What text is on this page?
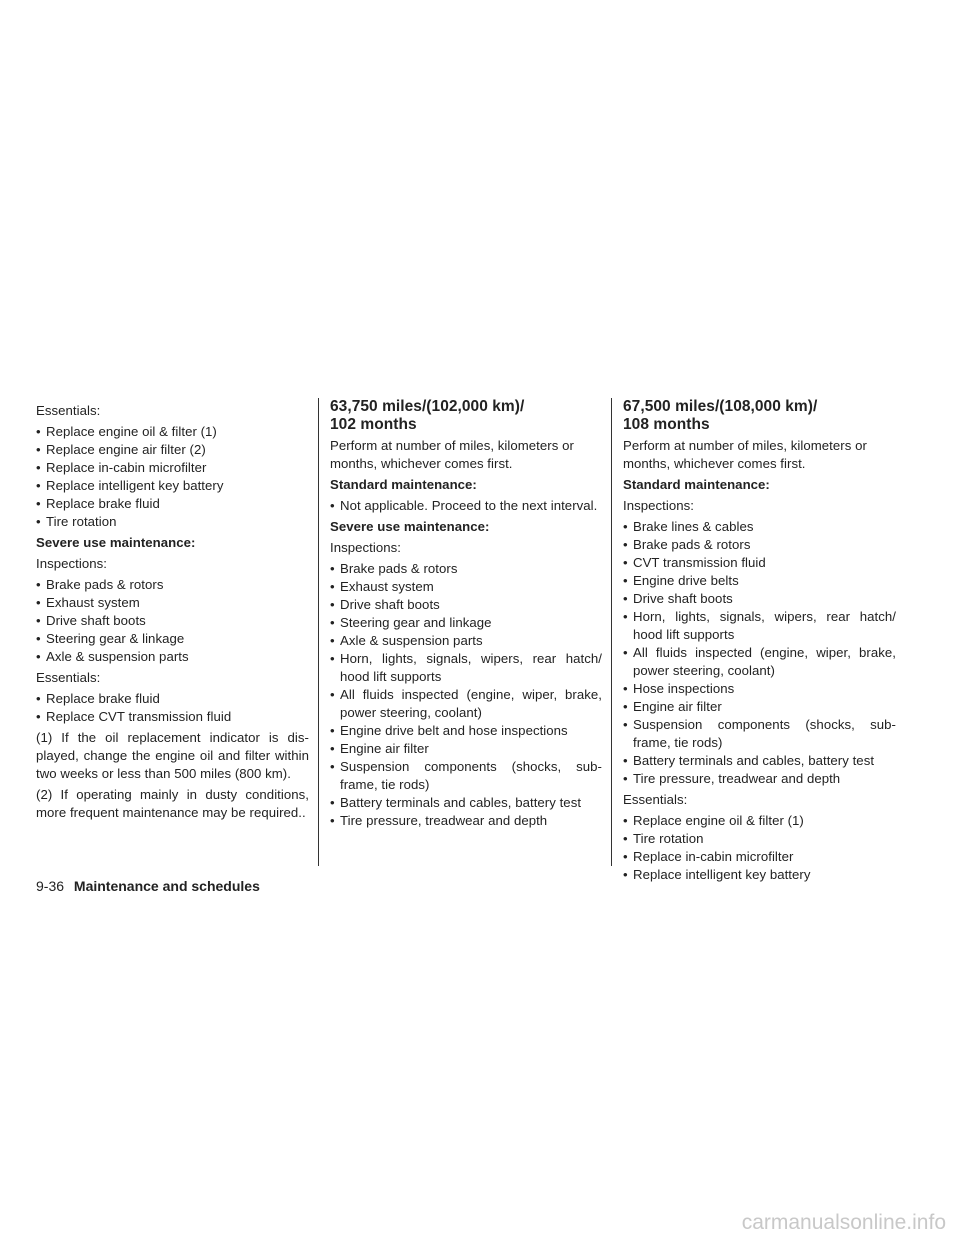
Essentials:

• Replace engine oil & filter (1)
• Replace engine air filter (2)
• Replace in-cabin microfilter
• Replace intelligent key battery
• Replace brake fluid
• Tire rotation

Severe use maintenance:

Inspections:

• Brake pads & rotors
• Exhaust system
• Drive shaft boots
• Steering gear & linkage
• Axle & suspension parts

Essentials:

• Replace brake fluid
• Replace CVT transmission fluid

(1) If the oil replacement indicator is dis-played, change the engine oil and filter within two weeks or less than 500 miles (800 km).

(2) If operating mainly in dusty conditions, more frequent maintenance may be required..

63,750 miles/(102,000 km)/
102 months

Perform at number of miles, kilometers or months, whichever comes first.

Standard maintenance:

• Not applicable. Proceed to the next interval.

Severe use maintenance:

Inspections:

• Brake pads & rotors
• Exhaust system
• Drive shaft boots
• Steering gear and linkage
• Axle & suspension parts
• Horn, lights, signals, wipers, rear hatch/ hood lift supports
• All fluids inspected (engine, wiper, brake, power steering, coolant)
• Engine drive belt and hose inspections
• Engine air filter
• Suspension components (shocks, sub-frame, tie rods)
• Battery terminals and cables, battery test
• Tire pressure, treadwear and depth
67,500 miles/(108,000 km)/
108 months

Perform at number of miles, kilometers or months, whichever comes first.

Standard maintenance:

Inspections:

• Brake lines & cables
• Brake pads & rotors
• CVT transmission fluid
• Engine drive belts
• Drive shaft boots
• Horn, lights, signals, wipers, rear hatch/ hood lift supports
• All fluids inspected (engine, wiper, brake, power steering, coolant)
• Hose inspections
• Engine air filter
• Suspension components (shocks, sub-frame, tie rods)
• Battery terminals and cables, battery test
• Tire pressure, treadwear and depth

Essentials:

• Replace engine oil & filter (1)
• Tire rotation
• Replace in-cabin microfilter
• Replace intelligent key battery
9-36 Maintenance and schedules
carmanualsonline.info
